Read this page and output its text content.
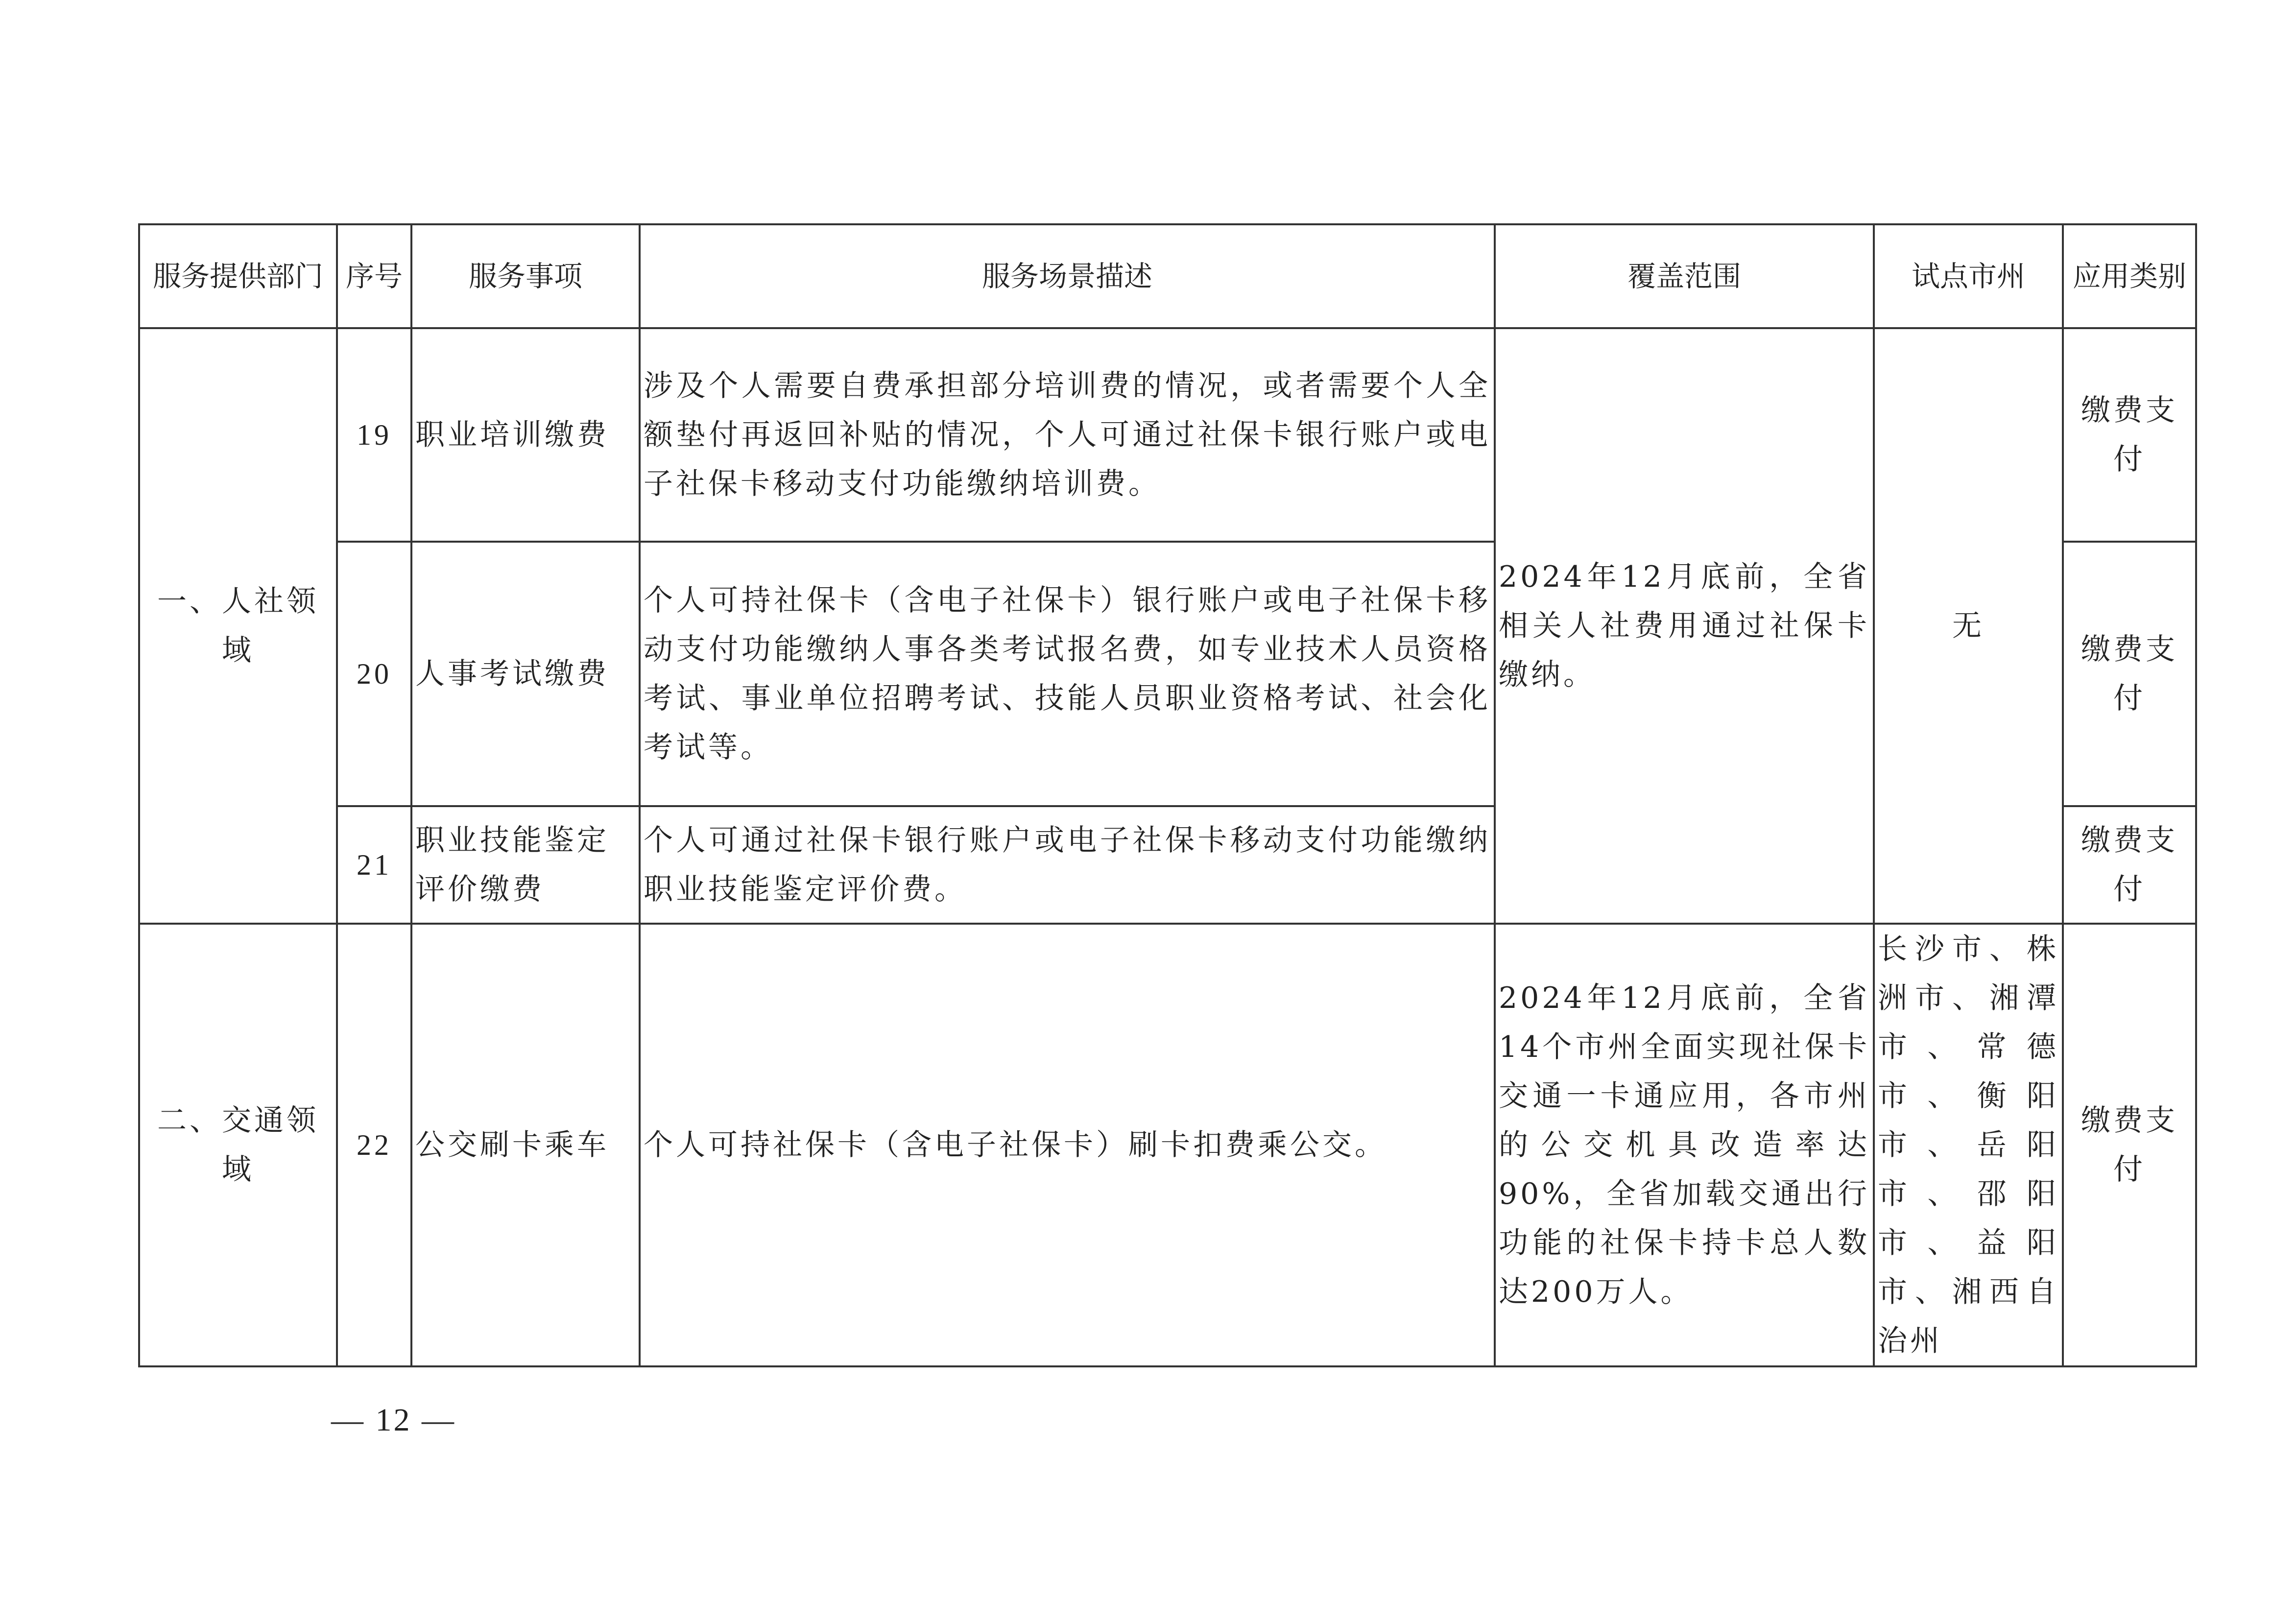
服务提供部门	序号	服务事项	服务场景描述	覆盖范围	试点市州	应用类别
一、人社领域	19	职业培训缴费	涉及个人需要自费承担部分培训费的情况，或者需要个人全额垫付再返回补贴的情况，个人可通过社保卡银行账户或电子社保卡移动支付功能缴纳培训费。	2024年12月底前，全省相关人社费用通过社保卡缴纳。	无	缴费支付
	20	人事考试缴费	个人可持社保卡（含电子社保卡）银行账户或电子社保卡移动支付功能缴纳人事各类考试报名费，如专业技术人员资格考试、事业单位招聘考试、技能人员职业资格考试、社会化考试等。			缴费支付
	21	职业技能鉴定评价缴费	个人可通过社保卡银行账户或电子社保卡移动支付功能缴纳职业技能鉴定评价费。			缴费支付
二、交通领域	22	公交刷卡乘车	个人可持社保卡（含电子社保卡）刷卡扣费乘公交。	2024年12月底前，全省14个市州全面实现社保卡交通一卡通应用，各市州的公交机具改造率达90%，全省加载交通出行功能的社保卡持卡总人数达200万人。	长沙市、株洲市、湘潭市、常德市、衡阳市、岳阳市、邵阳市、益阳市、湘西自治州	缴费支付
— 12 —
